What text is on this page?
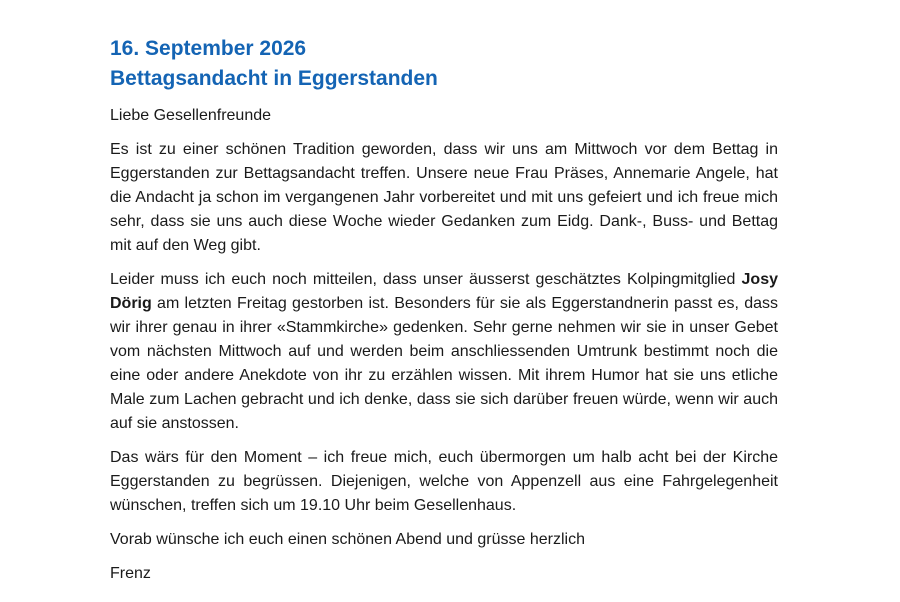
16. September 2026
Bettagsandacht in Eggerstanden

Liebe Gesellenfreunde

Es ist zu einer schönen Tradition geworden, dass wir uns am Mittwoch vor dem Bettag in Eggerstanden zur Bettagsandacht treffen. Unsere neue Frau Präses, Annemarie Angele, hat die Andacht ja schon im vergangenen Jahr vorbereitet und mit uns gefeiert und ich freue mich sehr, dass sie uns auch diese Woche wieder Gedanken zum Eidg. Dank-, Buss- und Bettag mit auf den Weg gibt.

Leider muss ich euch noch mitteilen, dass unser äusserst geschätztes Kolpingmitglied Josy Dörig am letzten Freitag gestorben ist. Besonders für sie als Eggerstandnerin passt es, dass wir ihrer genau in ihrer «Stammkirche» gedenken. Sehr gerne nehmen wir sie in unser Gebet vom nächsten Mittwoch auf und werden beim anschliessenden Umtrunk bestimmt noch die eine oder andere Anekdote von ihr zu erzählen wissen. Mit ihrem Humor hat sie uns etliche Male zum Lachen gebracht und ich denke, dass sie sich darüber freuen würde, wenn wir auch auf sie anstossen.

Das wärs für den Moment – ich freue mich, euch übermorgen um halb acht bei der Kirche Eggerstanden zu begrüssen. Diejenigen, welche von Appenzell aus eine Fahrgelegenheit wünschen, treffen sich um 19.10 Uhr beim Gesellenhaus.

Vorab wünsche ich euch einen schönen Abend und grüsse herzlich

Frenz
